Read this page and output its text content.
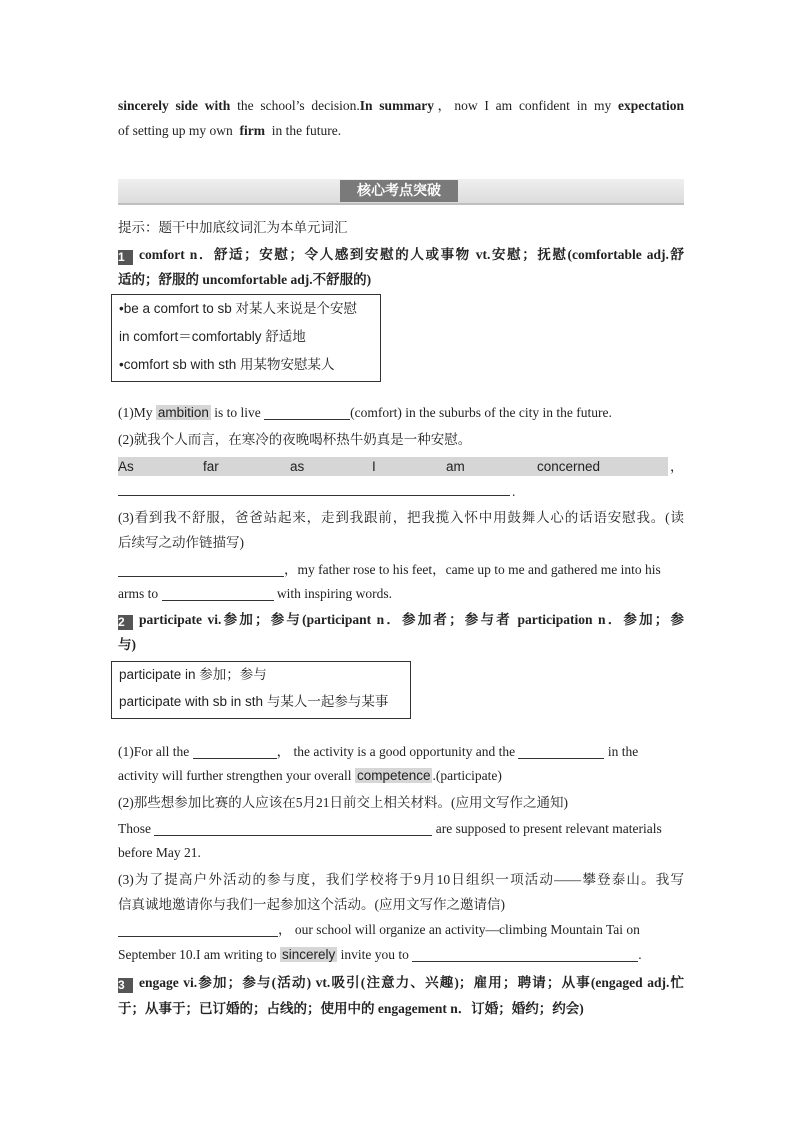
sincerely side with the school’s decision.In summary，now I am confident in my expectation
of setting up my own firm in the future.
核心考点突破
提示：题干中加底纹词汇为本单元词汇
1 comfort n．舒适；安慰；令人感到安慰的人或事物 vt.安慰；抚慰(comfortable adj.舒
适的；舒服的 uncomfortable adj.不舒服的)
•be a comfort to sb 对某人来说是个安慰
in comfort＝comfortably 舒适地
•comfort sb with sth 用某物安慰某人
(1)My ambition is to live	(comfort) in the suburbs of the city in the future.
(2)就我个人而言，在寒冷的夜晚喝杯热牛奶真是一种安慰。
As	far	as	I	am	concerned	，
.
(3)看到我不舒服，爸爸站起来，走到我跟前，把我揽入怀中用鼓舞人心的话语安慰我。(读
后续写之动作链描写)
，my father rose to his feet，came up to me and gathered me into his
arms to	with inspiring words.
2 participate vi.参加；参与(participant n．参加者；参与者 participation n．参加；参
与)
participate in 参加；参与
participate with sb in sth 与某人一起参与某事
(1)For all the	， the activity is a good opportunity and the	in the
activity will further strengthen your overall competence .(participate)
(2)那些想参加比赛的人应该在5月21日前交上相关材料。(应用文写作之通知)
Those	are supposed to present relevant materials
before May 21.
(3)为了提高户外活动的参与度，我们学校将于9月10日组织一项活动——攀登泰山。我写
信真诚地邀请你与我们一起参加这个活动。(应用文写作之邀请信)
， our school will organize an activity—climbing Mountain Tai on
September 10.I am writing to sincerely invite you to	.
3 engage vi.参加；参与(活动) vt.吸引(注意力、兴趣)；雇用；聘请；从事(engaged adj.忙
于；从事于；已订婚的；占线的；使用中的 engagement n．订婚；婚约；约会)
